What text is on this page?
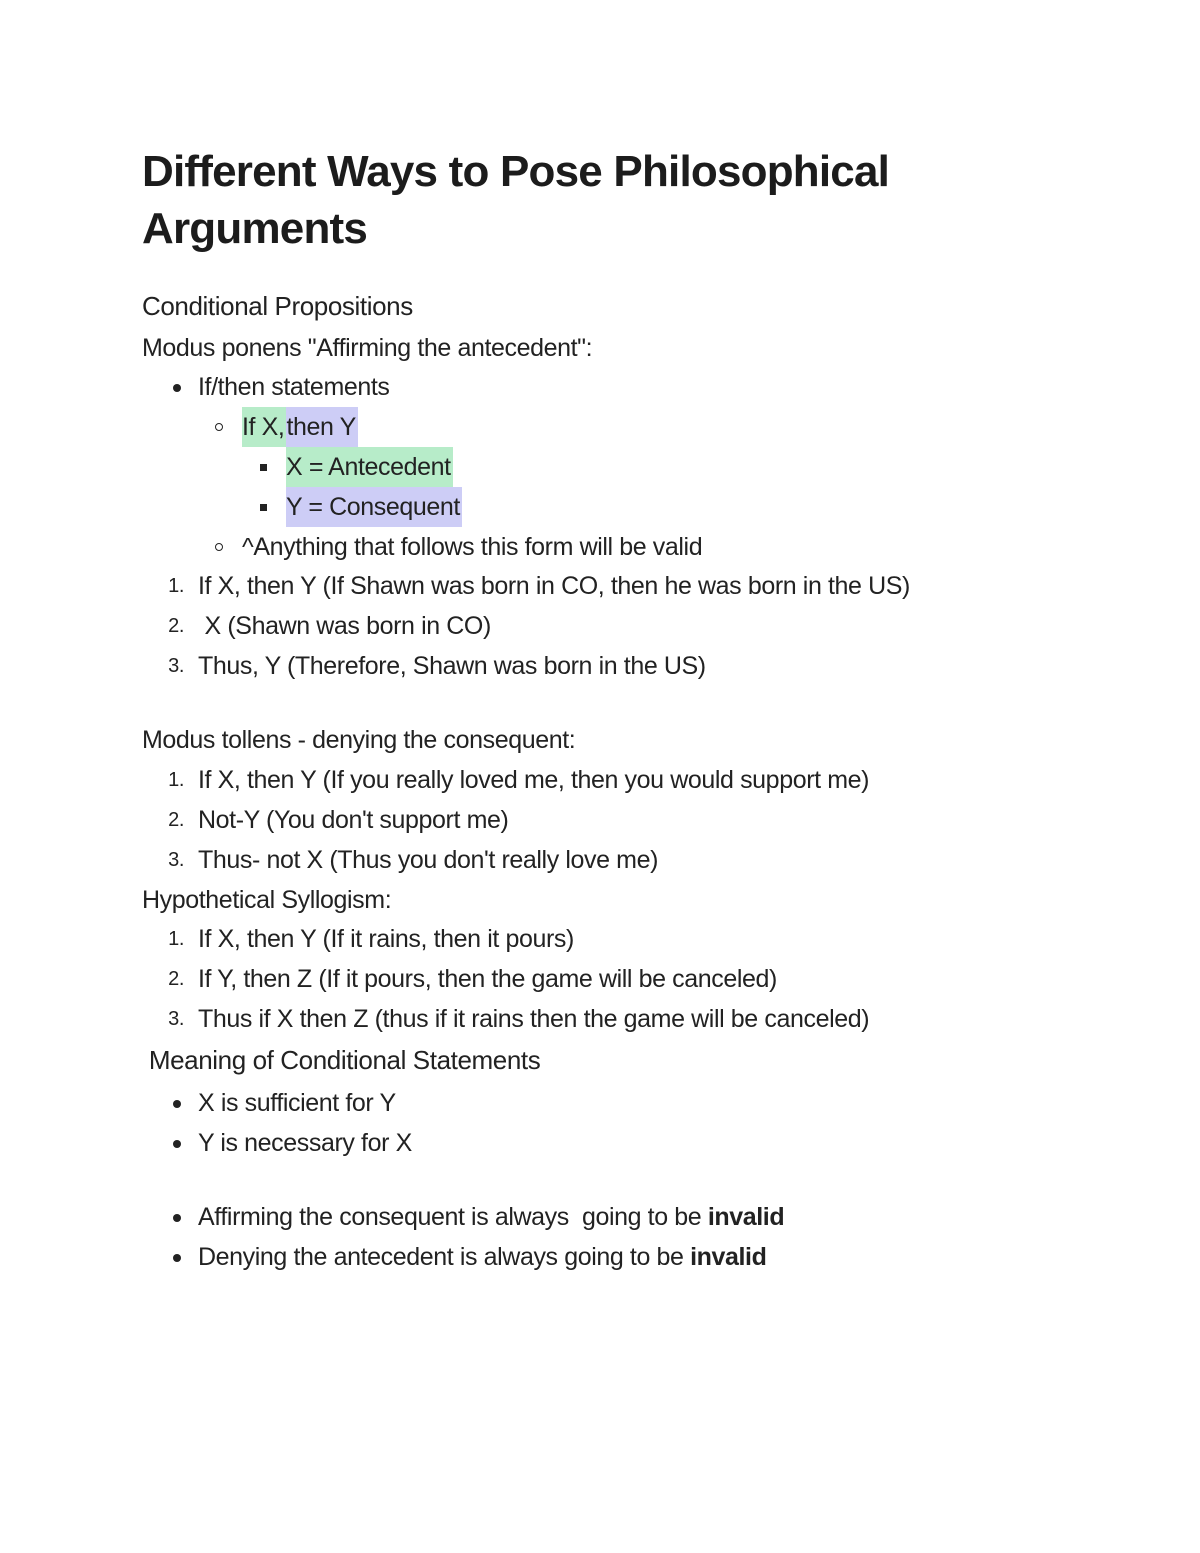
Different Ways to Pose Philosophical Arguments
Conditional Propositions
Modus ponens "Affirming the antecedent":
If/then statements
If X,then Y
X = Antecedent
Y = Consequent
^Anything that follows this form will be valid
1. If X, then Y (If Shawn was born in CO, then he was born in the US)
2. X (Shawn was born in CO)
3. Thus, Y (Therefore, Shawn was born in the US)
Modus tollens - denying the consequent:
1. If X, then Y (If you really loved me, then you would support me)
2. Not-Y (You don't support me)
3. Thus- not X (Thus you don't really love me)
Hypothetical Syllogism:
1. If X, then Y (If it rains, then it pours)
2. If Y, then Z (If it pours, then the game will be canceled)
3. Thus if X then Z (thus if it rains then the game will be canceled)
Meaning of Conditional Statements
X is sufficient for Y
Y is necessary for X
Affirming the consequent is always  going to be invalid
Denying the antecedent is always going to be invalid
